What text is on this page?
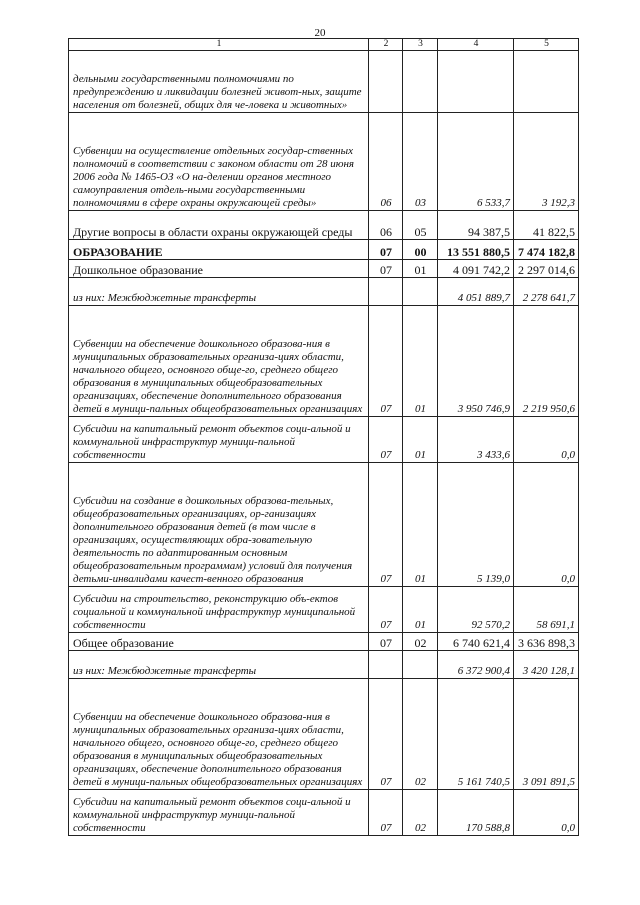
20
1	2	3	4	5
дельными государственными полномочиями по предупреждению и ликвидации болезней живот-ных, защите населения от болезней, общих для че-ловека и животных»				
Субвенции на осуществление отдельных государ-ственных полномочий в соответствии с законом области от 28 июня 2006 года № 1465-ОЗ «О на-делении органов местного самоуправления отдель-ными государственными полномочиями в сфере охраны окружающей среды»	06	03	6 533,7	3 192,3
Другие вопросы в области охраны окружающей среды	06	05	94 387,5	41 822,5
ОБРАЗОВАНИЕ	07	00	13 551 880,5	7 474 182,8
Дошкольное образование	07	01	4 091 742,2	2 297 014,6
из них: Межбюджетные трансферты			4 051 889,7	2 278 641,7
Субвенции на обеспечение дошкольного образова-ния в муниципальных образовательных организа-циях области, начального общего, основного обще-го, среднего общего образования в муниципальных общеобразовательных организациях, обеспечение дополнительного образования детей в муници-пальных общеобразовательных организациях	07	01	3 950 746,9	2 219 950,6
Субсидии на капитальный ремонт объектов соци-альной и коммунальной инфраструктур муници-пальной собственности	07	01	3 433,6	0,0
Субсидии на создание в дошкольных образова-тельных, общеобразовательных организациях, ор-ганизациях дополнительного образования детей (в том числе в организациях, осуществляющих обра-зовательную деятельность по адаптированным основным общеобразовательным программам) условий для получения детьми-инвалидами качест-венного образования	07	01	5 139,0	0,0
Субсидии на строительство, реконструкцию объ-ектов социальной и коммунальной инфраструктур муниципальной собственности	07	01	92 570,2	58 691,1
Общее образование	07	02	6 740 621,4	3 636 898,3
из них: Межбюджетные трансферты			6 372 900,4	3 420 128,1
Субвенции на обеспечение дошкольного образова-ния в муниципальных образовательных организа-циях области, начального общего, основного обще-го, среднего общего образования в муниципальных общеобразовательных организациях, обеспечение дополнительного образования детей в муници-пальных общеобразовательных организациях	07	02	5 161 740,5	3 091 891,5
Субсидии на капитальный ремонт объектов соци-альной и коммунальной инфраструктур муници-пальной собственности	07	02	170 588,8	0,0
